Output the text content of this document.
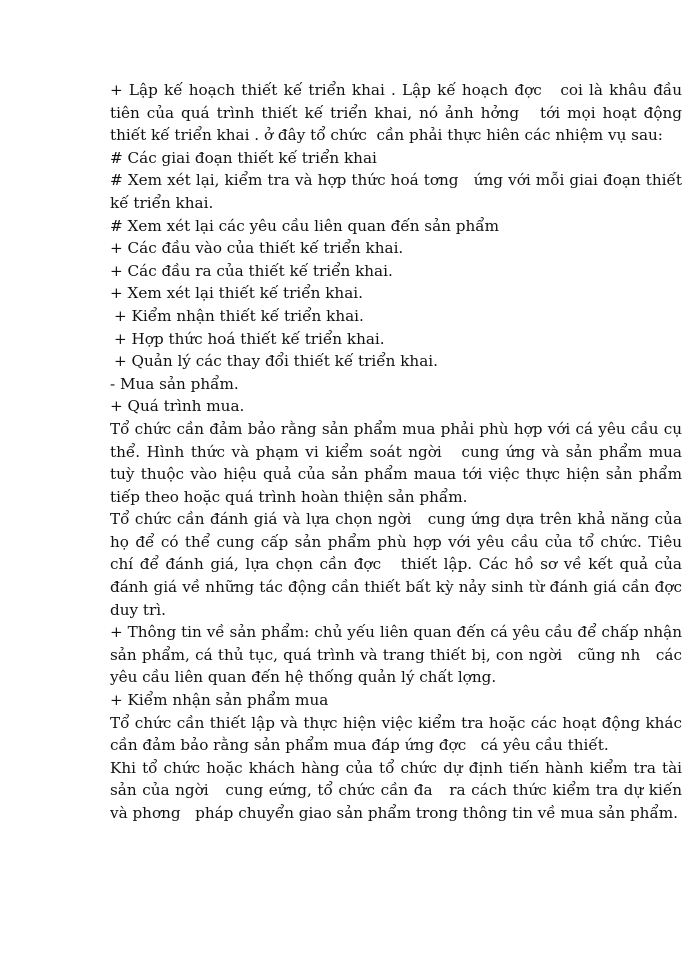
+ Lập kế hoạch thiết kế triển khai . Lập kế hoạch đợc   coi là khâu đầu tiên của quá trình thiết kế triển khai, nó ảnh hởng   tới mọi hoạt động thiết kế triển khai . ở đây tổ chức  cần phải thực hiên các nhiệm vụ sau:

# Các giai đoạn thiết kế triển khai

# Xem xét lại, kiểm tra và hợp thức hoá tơng   ứng với mỗi giai đoạn thiết kế triển khai.

# Xem xét lại các yêu cầu liên quan đến sản phẩm

+ Các đầu vào của thiết kế triển khai.

+ Các đầu ra của thiết kế triển khai.

+ Xem xét lại thiết kế triển khai.

+ Kiểm nhận thiết kế triển khai.

+ Hợp thức hoá thiết kế triển khai.

+ Quản lý các thay đổi thiết kế triển khai.

- Mua sản phẩm.

+ Quá trình mua.

Tổ chức cần đảm bảo rằng sản phẩm mua phải phù hợp với cá yêu cầu cụ thể. Hình thức và phạm vi kiểm soát ngời   cung ứng và sản phẩm mua tuỳ thuộc vào hiệu quả của sản phẩm maua tới việc thực hiện sản phẩm tiếp theo hoặc quá trình hoàn thiện sản phẩm.

Tổ chức cần đánh giá và lựa chọn ngời   cung ứng dựa trên khả năng của họ để có thể cung cấp sản phẩm phù hợp với yêu cầu của tổ chức. Tiêu chí để đánh giá, lựa chọn cần đợc   thiết lập. Các hồ sơ về kết quả của đánh giá về những tác động cần thiết bất kỳ nảy sinh từ đánh giá cần đợc   duy trì.

+ Thông tin về sản phẩm: chủ yếu liên quan đến cá yêu cầu để chấp nhận sản phẩm, cá thủ tục, quá trình và trang thiết bị, con ngời   cũng nh   các yêu cầu liên quan đến hệ thống quản lý chất lợng.

+ Kiểm nhận sản phẩm mua

Tổ chức cần thiết lập và thực hiện việc kiểm tra hoặc các hoạt động khác cần đảm bảo rằng sản phẩm mua đáp ứng đợc   cá yêu cầu thiết.

Khi tổ chức hoặc khách hàng của tổ chức dự định tiến hành kiểm tra tài sản của ngời   cung eứng, tổ chức cần đa   ra cách thức kiểm tra dự kiến và phơng   pháp chuyển giao sản phẩm trong thông tin về mua sản phẩm.
